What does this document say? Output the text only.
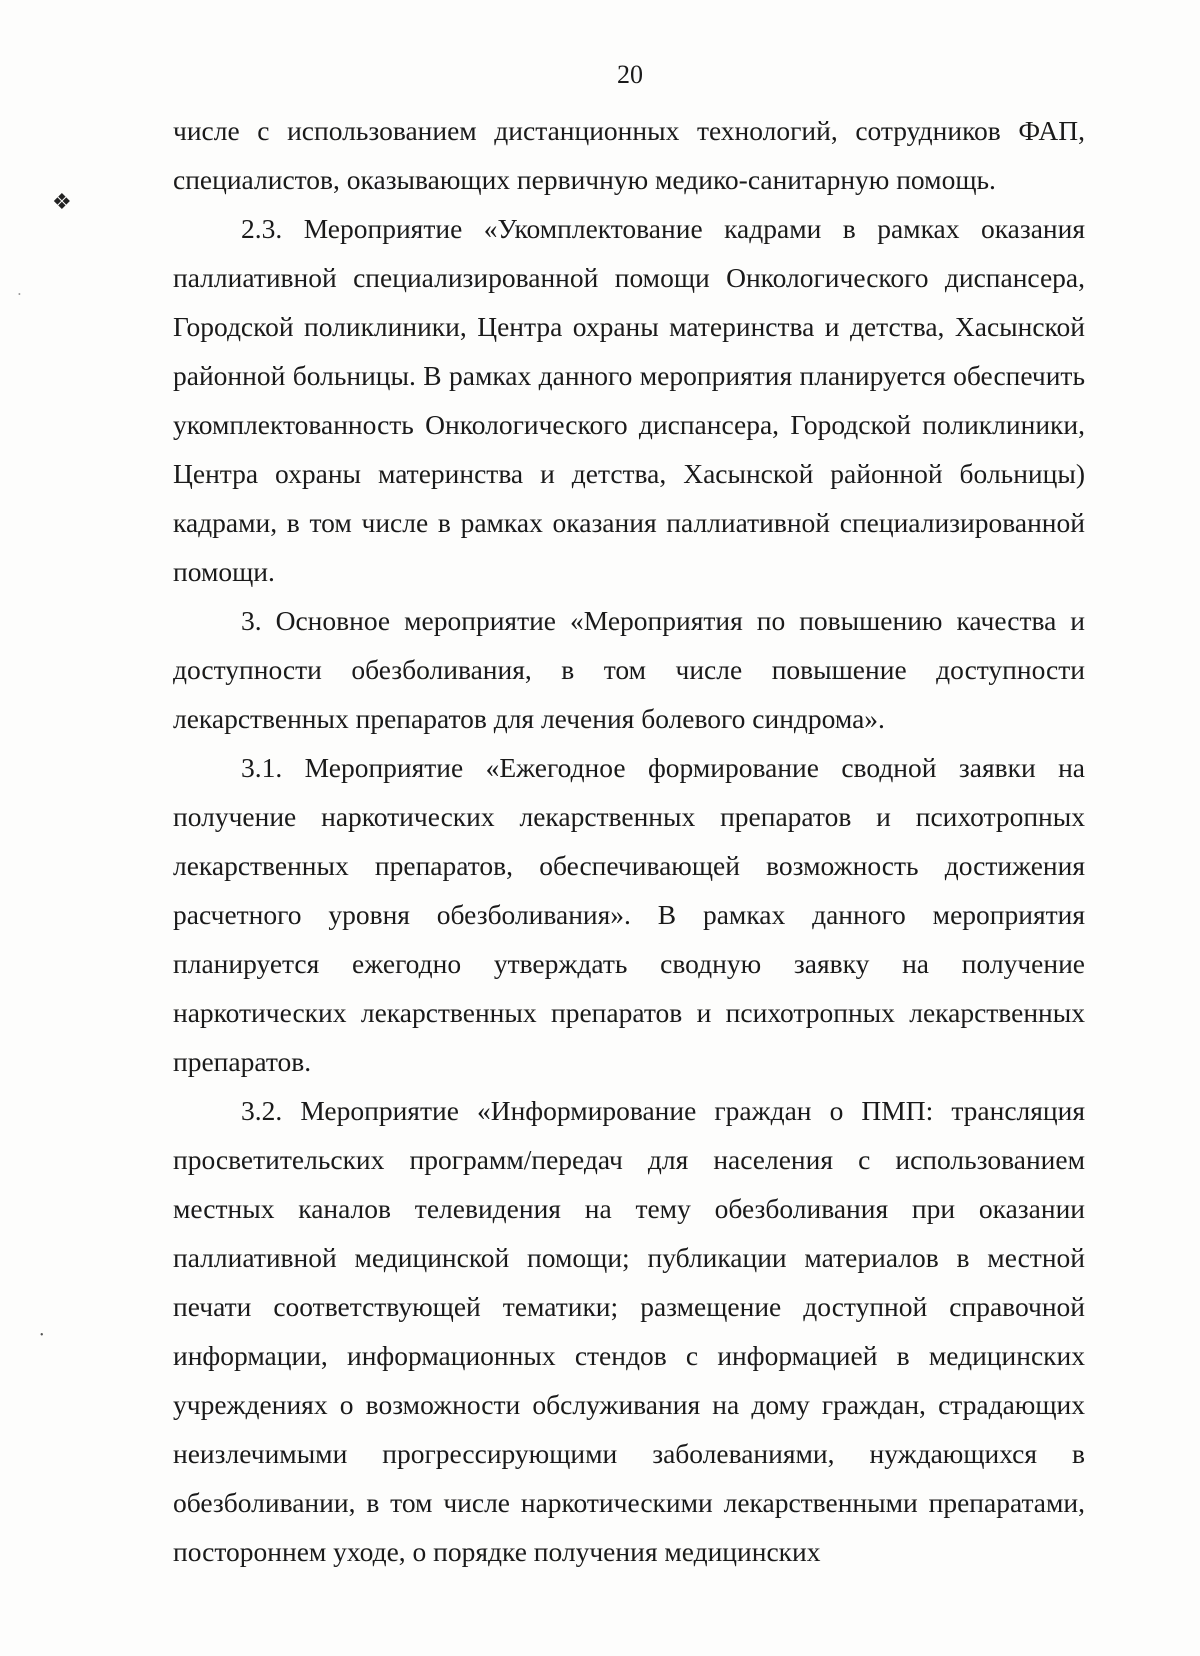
20

числе с использованием дистанционных технологий, сотрудников ФАП, специалистов, оказывающих первичную медико-санитарную помощь.

2.3. Мероприятие «Укомплектование кадрами в рамках оказания паллиативной специализированной помощи Онкологического диспансера, Городской поликлиники, Центра охраны материнства и детства, Хасынской районной больницы. В рамках данного мероприятия планируется обеспечить укомплектованность Онкологического диспансера, Городской поликлиники, Центра охраны материнства и детства, Хасынской районной больницы) кадрами, в том числе в рамках оказания паллиативной специализированной помощи.

3. Основное мероприятие «Мероприятия по повышению качества и доступности обезболивания, в том числе повышение доступности лекарственных препаратов для лечения болевого синдрома».

3.1. Мероприятие «Ежегодное формирование сводной заявки на получение наркотических лекарственных препаратов и психотропных лекарственных препаратов, обеспечивающей возможность достижения расчетного уровня обезболивания». В рамках данного мероприятия планируется ежегодно утверждать сводную заявку на получение наркотических лекарственных препаратов и психотропных лекарственных препаратов.

3.2. Мероприятие «Информирование граждан о ПМП: трансляция просветительских программ/передач для населения с использованием местных каналов телевидения на тему обезболивания при оказании паллиативной медицинской помощи; публикации материалов в местной печати соответствующей тематики; размещение доступной справочной информации, информационных стендов с информацией в медицинских учреждениях о возможности обслуживания на дому граждан, страдающих неизлечимыми прогрессирующими заболеваниями, нуждающихся в обезболивании, в том числе наркотическими лекарственными препаратами, постороннем уходе, о порядке получения медицинских

❖
•
•
